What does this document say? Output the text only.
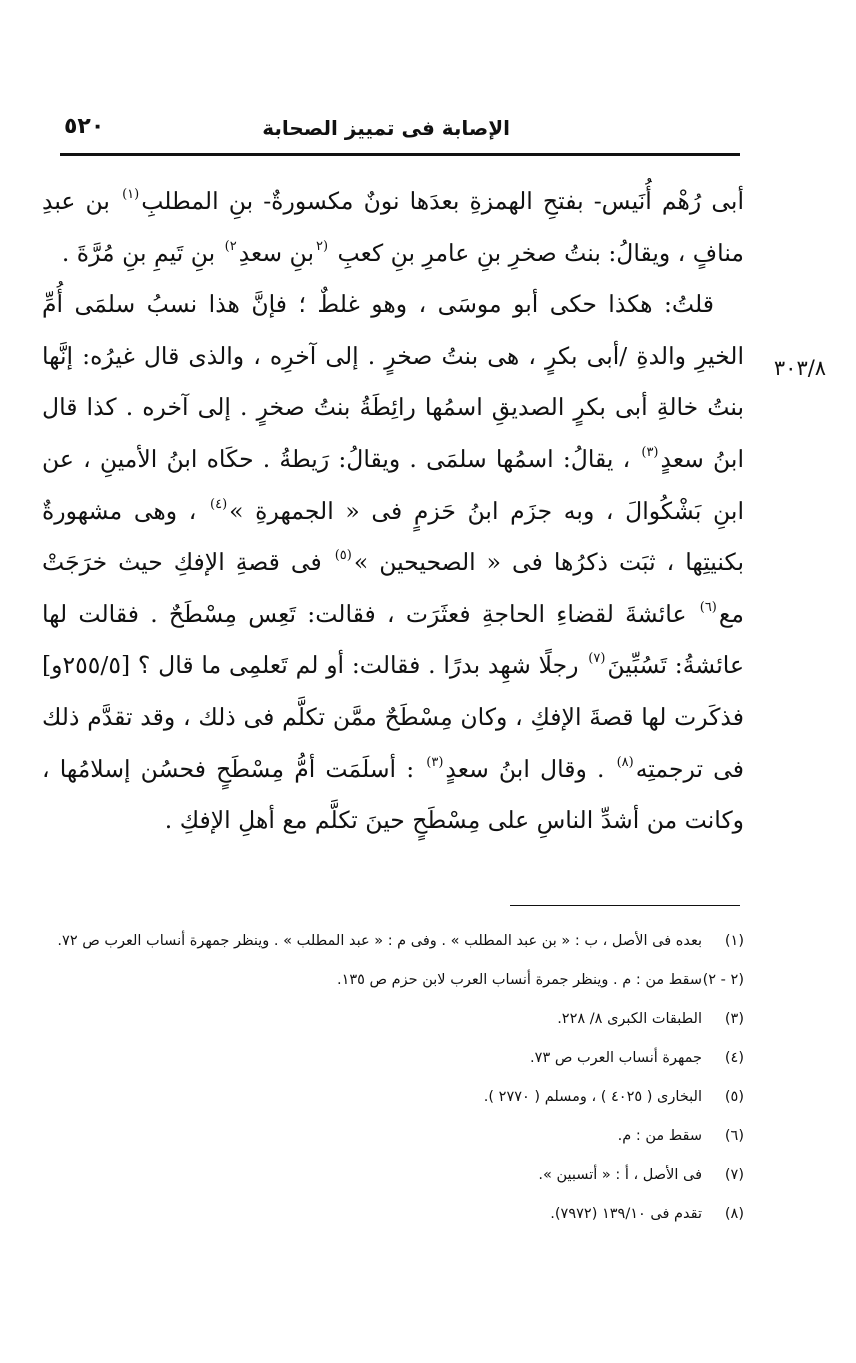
الإصابة فى تمييز الصحابة
٥٢٠
٣٠٣/٨

أبى رُهْم أُنَيس- بفتحِ الهمزةِ بعدَها نونٌ مكسورةٌ- بنِ المطلبِ$^{(١)}$ بن عبدِ منافٍ ، ويقالُ: بنتُ صخرِ بنِ عامرِ بنِ كعبِ $^{(٢}$بنِ سعدِ$^{٢)}$ بنِ تَيمِ بنِ مُرَّةَ .

قلتُ: هكذا حكى أبو موسَى ، وهو غلطٌ ؛ فإنَّ هذا نسبُ سلمَى أُمِّ الخيرِ والدةِ /أبى بكرٍ ، هى بنتُ صخرٍ . إلى آخرِه ، والذى قال غيرُه: إنَّها بنتُ خالةِ أبى بكرٍ الصديقِ اسمُها رائِطَةُ بنتُ صخرٍ . إلى آخره . كذا قال ابنُ سعدٍ$^{(٣)}$ ، يقالُ: اسمُها سلمَى . ويقالُ: رَيطةُ . حكَاه ابنُ الأمينِ ، عن ابنِ بَشْكُوالَ ، وبه جزَم ابنُ حَزمٍ فى « الجمهرةِ »$^{(٤)}$ ، وهى مشهورةٌ بكنيتِها ، ثبَت ذكرُها فى « الصحيحين »$^{(٥)}$ فى قصةِ الإفكِ حيث خرَجَتْ مع$^{(٦)}$ عائشةَ لقضاءِ الحاجةِ فعثَرَت ، فقالت: تَعِس مِسْطَحٌ . فقالت لها عائشةُ: تَسُبِّينَ$^{(٧)}$ رجلًا شهِد بدرًا . فقالت: أو لم تَعلمِى ما قال ؟ [٢٥٥/٥و] فذكَرت لها قصةَ الإفكِ ، وكان مِسْطَحٌ ممَّن تكلَّم فى ذلك ، وقد تقدَّم ذلك فى ترجمتِه$^{(٨)}$ . وقال ابنُ سعدٍ$^{(٣)}$ : أسلَمَت أمُّ مِسْطَحٍ فحسُن إسلامُها ، وكانت من أشدِّ الناسِ على مِسْطَحٍ حينَ تكلَّم مع أهلِ الإفكِ .

(١)
بعده فى الأصل ، ب : « بن عبد المطلب » . وفى م : « عبد المطلب » . وينظر جمهرة أنساب العرب ص ٧٢.
(٢ - ٢)
سقط من : م . وينظر جمرة أنساب العرب لابن حزم ص ١٣٥.
(٣)
الطبقات الكبرى ٨/ ٢٢٨.
(٤)
جمهرة أنساب العرب ص ٧٣.
(٥)
البخارى ( ٤٠٢٥ ) ، ومسلم ( ٢٧٧٠ ).
(٦)
سقط من : م.
(٧)
فى الأصل ، أ : « أتسبين ».
(٨)
تقدم فى ١٣٩/١٠ (٧٩٧٢).
